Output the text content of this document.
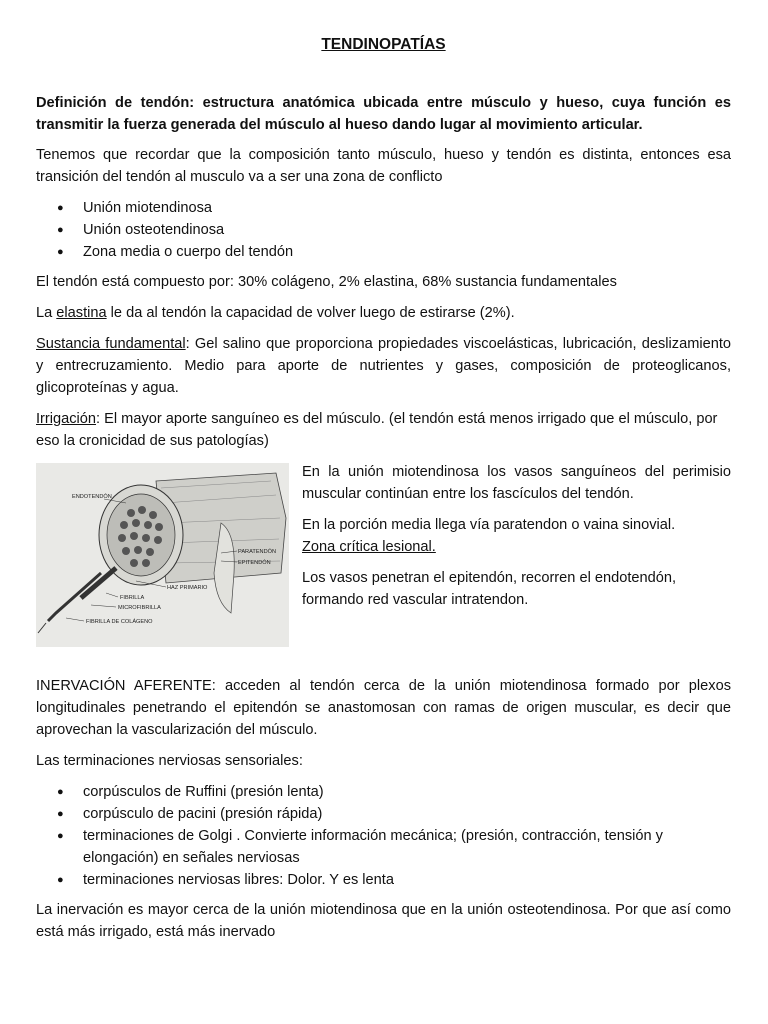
TENDINOPATÍAS

Definición de tendón: estructura anatómica ubicada entre músculo y hueso, cuya función es transmitir la fuerza generada del músculo al hueso dando lugar al movimiento articular.

Tenemos que recordar que la composición tanto músculo, hueso y tendón es distinta, entonces esa transición del tendón al musculo va a ser una zona de conflicto

● Unión miotendinosa
● Unión osteotendinosa
● Zona media o cuerpo del tendón

El tendón está compuesto por: 30% colágeno, 2% elastina, 68% sustancia fundamentales

La elastina le da al tendón la capacidad de volver luego de estirarse (2%).

Sustancia fundamental: Gel salino que proporciona propiedades viscoelásticas, lubricación, deslizamiento y entrecruzamiento. Medio para aporte de nutrientes y gases, composición de proteoglicanos, glicoproteínas y agua.

Irrigación: El mayor aporte sanguíneo es del músculo. (el tendón está menos irrigado que el músculo, por eso la cronicidad de sus patologías)

ENDOTENDÓN
PARATENDÓN
EPITENDÓN
HAZ PRIMARIO
FIBRILLA
MICROFIBRILLA
FIBRILLA DE COLÁGENO

En la unión miotendinosa los vasos sanguíneos del perimisio muscular continúan entre los fascículos del tendón.

En la porción media llega vía paratendon o vaina sinovial.
Zona crítica lesional.

Los vasos penetran el epitendón, recorren el endotendón, formando red vascular intratendon.

INERVACIÓN AFERENTE: acceden al tendón cerca de la unión miotendinosa formado por plexos longitudinales penetrando el epitendón se anastomosan con ramas de origen muscular, es decir que aprovechan la vascularización del músculo.

Las terminaciones nerviosas sensoriales:

● corpúsculos de Ruffini (presión lenta)
● corpúsculo de pacini (presión rápida)
● terminaciones de Golgi . Convierte información mecánica; (presión, contracción, tensión y elongación) en señales nerviosas
● terminaciones nerviosas libres: Dolor. Y es lenta

La inervación es mayor cerca de la unión miotendinosa que en la unión osteotendinosa. Por que así como está más irrigado, está más inervado
